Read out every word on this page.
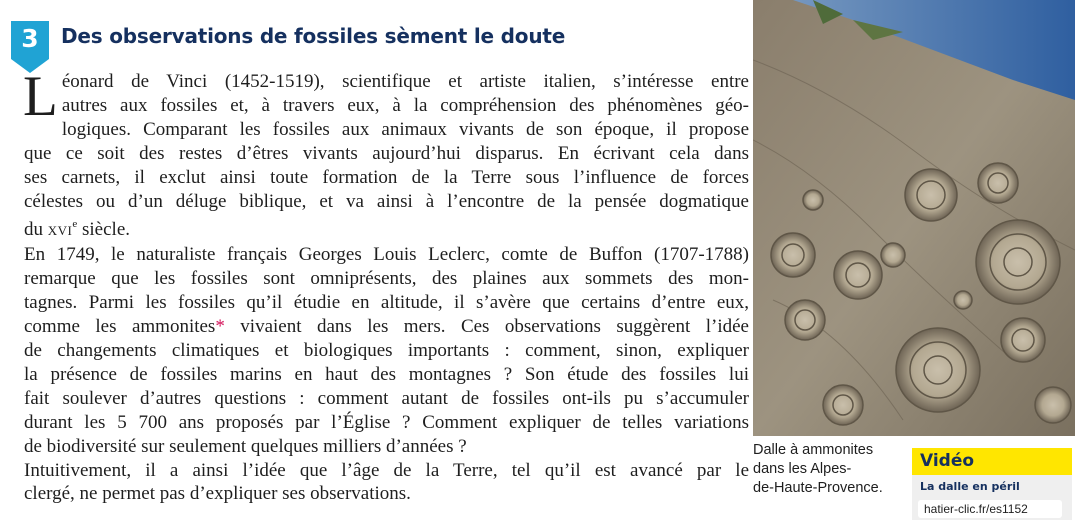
3	Des observations de fossiles sèment le doute
L éonard de Vinci (1452-1519), scientifique et artiste italien, s’intéresse entre
autres aux fossiles et, à travers eux, à la compréhension des phénomènes géo-
logiques. Comparant les fossiles aux animaux vivants de son époque, il propose
que ce soit des restes d’êtres vivants aujourd’hui disparus. En écrivant cela dans
ses carnets, il exclut ainsi toute formation de la Terre sous l’influence de forces
célestes ou d’un déluge biblique, et va ainsi à l’encontre de la pensée dogmatique
du XVIe siècle.
En 1749, le naturaliste français Georges Louis Leclerc, comte de Buffon (1707-1788)
remarque que les fossiles sont omniprésents, des plaines aux sommets des mon-
tagnes. Parmi les fossiles qu’il étudie en altitude, il s’avère que certains d’entre eux,
comme les ammonites* vivaient dans les mers. Ces observations suggèrent l’idée
de changements climatiques et biologiques importants : comment, sinon, expliquer
la présence de fossiles marins en haut des montagnes ? Son étude des fossiles lui
fait soulever d’autres questions : comment autant de fossiles ont-ils pu s’accumuler
durant les 5 700 ans proposés par l’Église ? Comment expliquer de telles variations
de biodiversité sur seulement quelques milliers d’années ?
Intuitivement, il a ainsi l’idée que l’âge de la Terre, tel qu’il est avancé par le
clergé, ne permet pas d’expliquer ses observations.
Dalle à ammonites
dans les Alpes-
de-Haute-Provence.
Vidéo
La dalle en péril
hatier-clic.fr/es1152
